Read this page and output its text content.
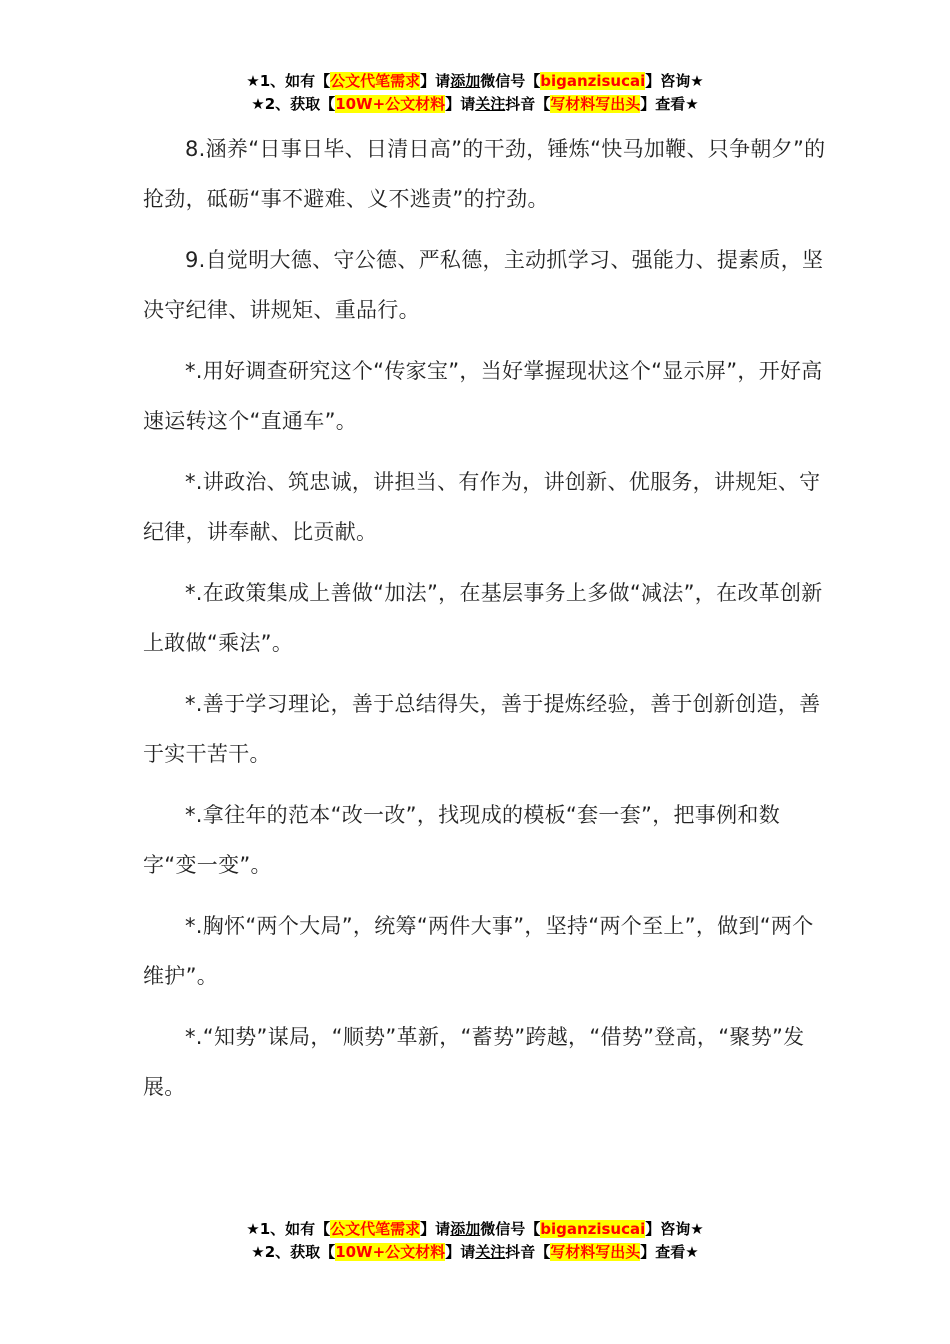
★1、如有【公文代笔需求】请添加微信号【biganzisucai】咨询★
★2、获取【10W+公文材料】请关注抖音【写材料写出头】查看★

8.涵养“日事日毕、日清日高”的干劲，锤炼“快马加鞭、只争朝夕”的抢劲，砥砺“事不避难、义不逃责”的拧劲。

9.自觉明大德、守公德、严私德，主动抓学习、强能力、提素质，坚决守纪律、讲规矩、重品行。

*.用好调查研究这个“传家宝”，当好掌握现状这个“显示屏”，开好高速运转这个“直通车”。

*.讲政治、筑忠诚，讲担当、有作为，讲创新、优服务，讲规矩、守纪律，讲奉献、比贡献。

*.在政策集成上善做“加法”，在基层事务上多做“减法”，在改革创新上敢做“乘法”。

*.善于学习理论，善于总结得失，善于提炼经验，善于创新创造，善于实干苦干。

*.拿往年的范本“改一改”，找现成的模板“套一套”，把事例和数字“变一变”。

*.胸怀“两个大局”，统筹“两件大事”，坚持“两个至上”，做到“两个维护”。

*.“知势”谋局，“顺势”革新，“蓄势”跨越，“借势”登高，“聚势”发展。

★1、如有【公文代笔需求】请添加微信号【biganzisucai】咨询★
★2、获取【10W+公文材料】请关注抖音【写材料写出头】查看★
